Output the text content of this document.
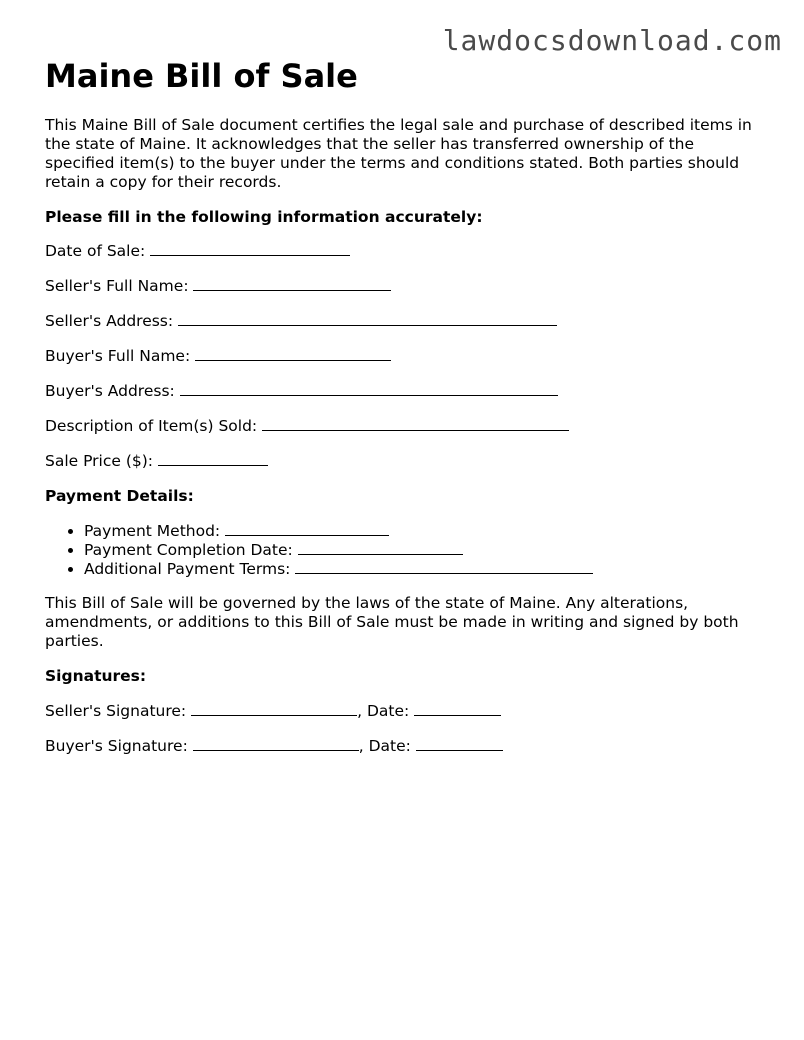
lawdocsdownload.com
Maine Bill of Sale

This Maine Bill of Sale document certifies the legal sale and purchase of described items in the state of Maine. It acknowledges that the seller has transferred ownership of the specified item(s) to the buyer under the terms and conditions stated. Both parties should retain a copy for their records.

Please fill in the following information accurately:
Date of Sale:
Seller's Full Name:
Seller's Address:
Buyer's Full Name:
Buyer's Address:
Description of Item(s) Sold:
Sale Price ($):
Payment Details:
• Payment Method:
• Payment Completion Date:
• Additional Payment Terms:

This Bill of Sale will be governed by the laws of the state of Maine. Any alterations, amendments, or additions to this Bill of Sale must be made in writing and signed by both parties.

Signatures:
Seller's Signature:	, Date:
Buyer's Signature:	, Date:
